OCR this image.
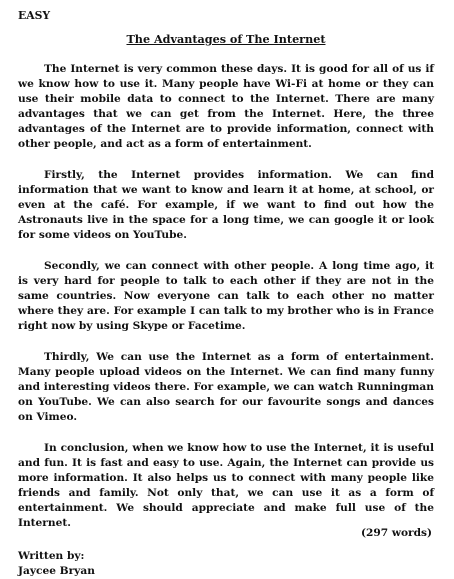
EASY
The Advantages of The Internet

The Internet is very common these days. It is good for all of us if we know how to use it. Many people have Wi-Fi at home or they can use their mobile data to connect to the Internet. There are many advantages that we can get from the Internet. Here, the three advantages of the Internet are to provide information, connect with other people, and act as a form of entertainment.

Firstly, the Internet provides information. We can find information that we want to know and learn it at home, at school, or even at the café. For example, if we want to find out how the Astronauts live in the space for a long time, we can google it or look for some videos on YouTube.

Secondly, we can connect with other people. A long time ago, it is very hard for people to talk to each other if they are not in the same countries. Now everyone can talk to each other no matter where they are. For example I can talk to my brother who is in France right now by using Skype or Facetime.

Thirdly, We can use the Internet as a form of entertainment. Many people upload videos on the Internet. We can find many funny and interesting videos there. For example, we can watch Runningman on YouTube. We can also search for our favourite songs and dances on Vimeo.

In conclusion, when we know how to use the Internet, it is useful and fun. It is fast and easy to use. Again, the Internet can provide us more information. It also helps us to connect with many people like friends and family. Not only that, we can use it as a form of entertainment. We should appreciate and make full use of the Internet.

Written by:
Jaycee Bryan
(297 words)
